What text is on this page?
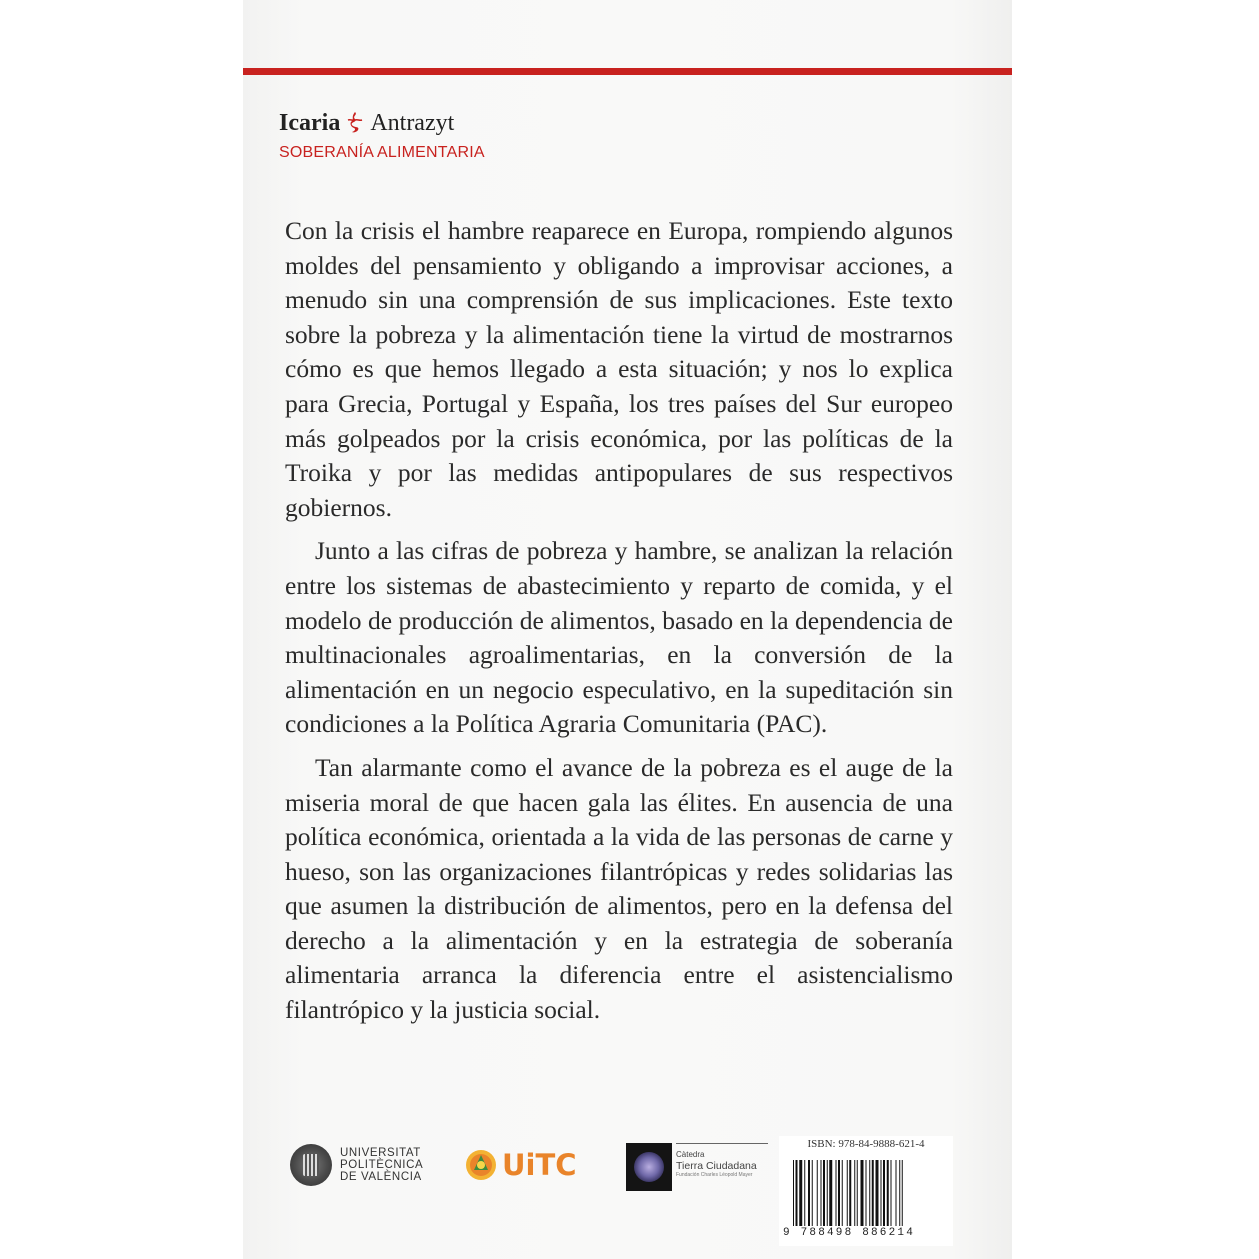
Icaria Antrazyt
SOBERANÍA ALIMENTARIA

Con la crisis el hambre reaparece en Europa, rompiendo algunos moldes del pensamiento y obligando a improvisar acciones, a menudo sin una comprensión de sus implicaciones. Este texto sobre la pobreza y la alimentación tiene la virtud de mostrarnos cómo es que hemos llegado a esta situación; y nos lo explica para Grecia, Portugal y España, los tres países del Sur europeo más golpeados por la crisis económica, por las políticas de la Troika y por las medidas antipopulares de sus respectivos gobiernos.

Junto a las cifras de pobreza y hambre, se analizan la relación entre los sistemas de abastecimiento y reparto de comida, y el modelo de producción de alimentos, basado en la dependencia de multinacionales agroalimentarias, en la conversión de la alimentación en un negocio especulativo, en la supeditación sin condiciones a la Política Agraria Comunitaria (PAC).

Tan alarmante como el avance de la pobreza es el auge de la miseria moral de que hacen gala las élites. En ausencia de una política económica, orientada a la vida de las personas de carne y hueso, son las organizaciones filantrópicas y redes solidarias las que asumen la distribución de alimentos, pero en la defensa del derecho a la alimentación y en la estrategia de soberanía alimentaria arranca la diferencia entre el asistencialismo filantrópico y la justicia social.

UNIVERSITAT
POLITÈCNICA
DE VALÈNCIA	UiTC	Càtedra
Tierra Ciudadana
Fundación Charles Léopold Mayer
ISBN: 978-84-9888-621-4
9 788498 886214
